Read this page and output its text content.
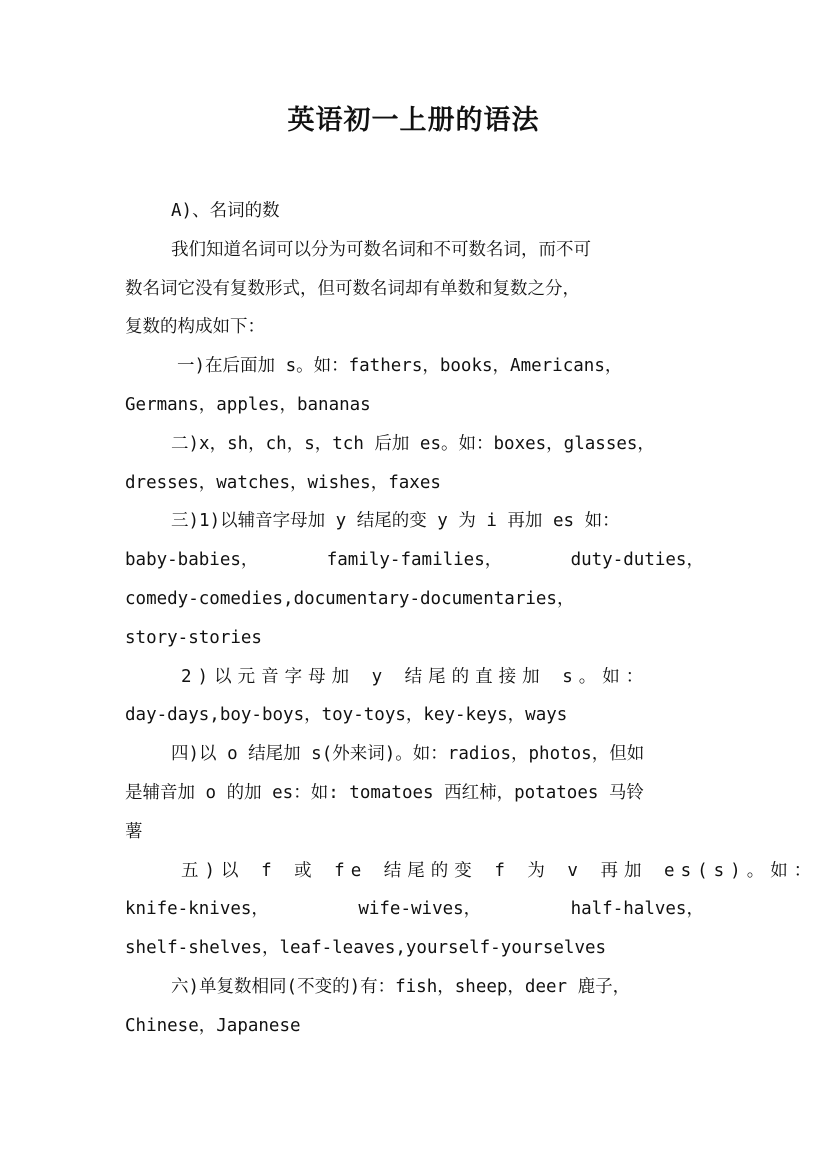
英语初一上册的语法
A)、名词的数
我们知道名词可以分为可数名词和不可数名词，而不可
数名词它没有复数形式，但可数名词却有单数和复数之分，
复数的构成如下：
一)在后面加 s。如：fathers，books，Americans，
Germans，apples，bananas
二)x，sh，ch，s，tch 后加 es。如：boxes，glasses，
dresses，watches，wishes，faxes
三)1)以辅音字母加 y 结尾的变 y 为 i 再加 es 如：
baby-babies，	family-families，	duty-duties，
comedy-comedies,documentary-documentaries，
story-stories
2)以元音字母加 y 结尾的直接加 s。如：
day-days,boy-boys，toy-toys，key-keys，ways
四)以 o 结尾加 s(外来词)。如：radios，photos，但如
是辅音加 o 的加 es：如: tomatoes 西红柿，potatoes 马铃
薯
五)以 f 或 fe 结尾的变 f 为 v 再加 es(s)。如：
knife-knives，	wife-wives，	half-halves，
shelf-shelves，leaf-leaves,yourself-yourselves
六)单复数相同(不变的)有：fish，sheep，deer 鹿子，
Chinese，Japanese
